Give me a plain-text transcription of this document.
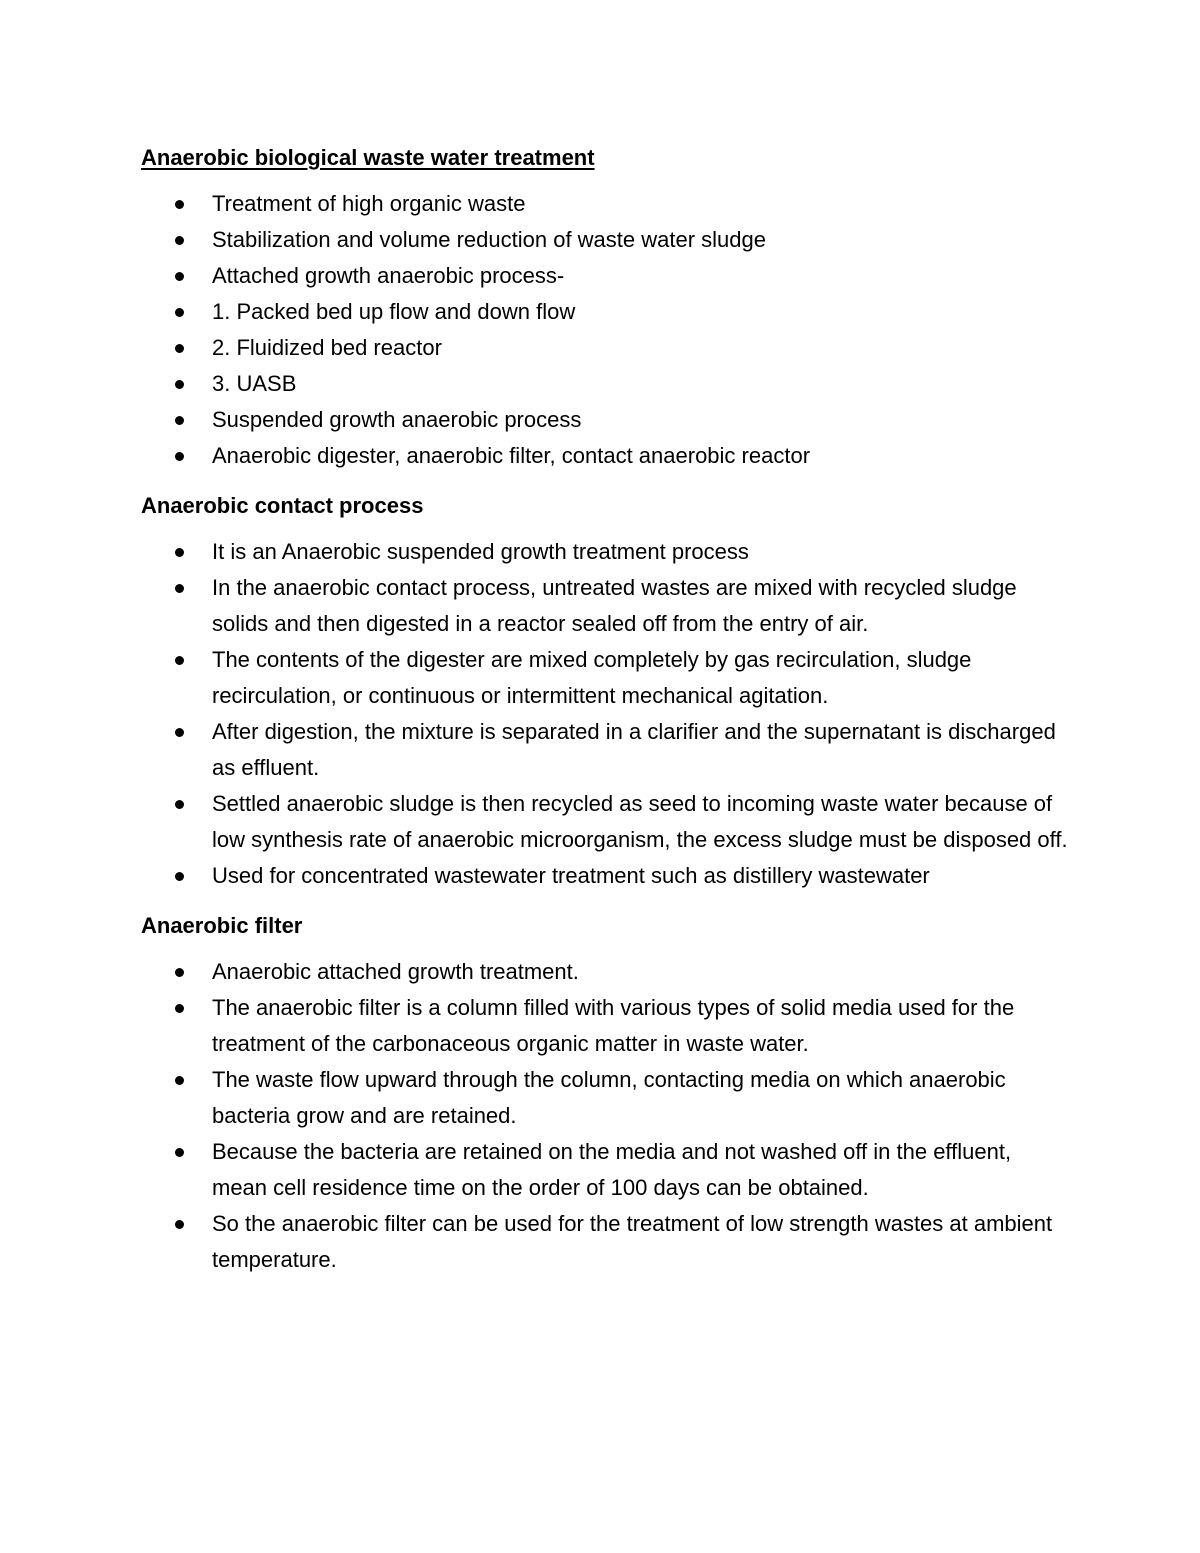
Anaerobic biological waste water treatment

Treatment of high organic waste
Stabilization and volume reduction of waste water sludge
Attached growth anaerobic process-
1. Packed bed up flow and down flow
2. Fluidized bed reactor
3. UASB
Suspended growth anaerobic process
Anaerobic digester, anaerobic filter, contact anaerobic reactor

Anaerobic contact process

It is an Anaerobic suspended growth treatment process
In the anaerobic contact process, untreated wastes are mixed with recycled sludge solids and then digested in a reactor sealed off from the entry of air.
The contents of the digester are mixed completely by gas recirculation, sludge recirculation, or continuous or intermittent mechanical agitation.
After digestion, the mixture is separated in a clarifier and the supernatant is discharged as effluent.
Settled anaerobic sludge is then recycled as seed to incoming waste water because of low synthesis rate of anaerobic microorganism, the excess sludge must be disposed off.
Used for concentrated wastewater treatment such as distillery wastewater

Anaerobic filter

Anaerobic attached growth treatment.
The anaerobic filter is a column filled with various types of solid media used for the treatment of the carbonaceous organic matter in waste water.
The waste flow upward through the column, contacting media on which anaerobic bacteria grow and are retained.
Because the bacteria are retained on the media and not washed off in the effluent, mean cell residence time on the order of 100 days can be obtained.
So the anaerobic filter can be used for the treatment of low strength wastes at ambient temperature.
